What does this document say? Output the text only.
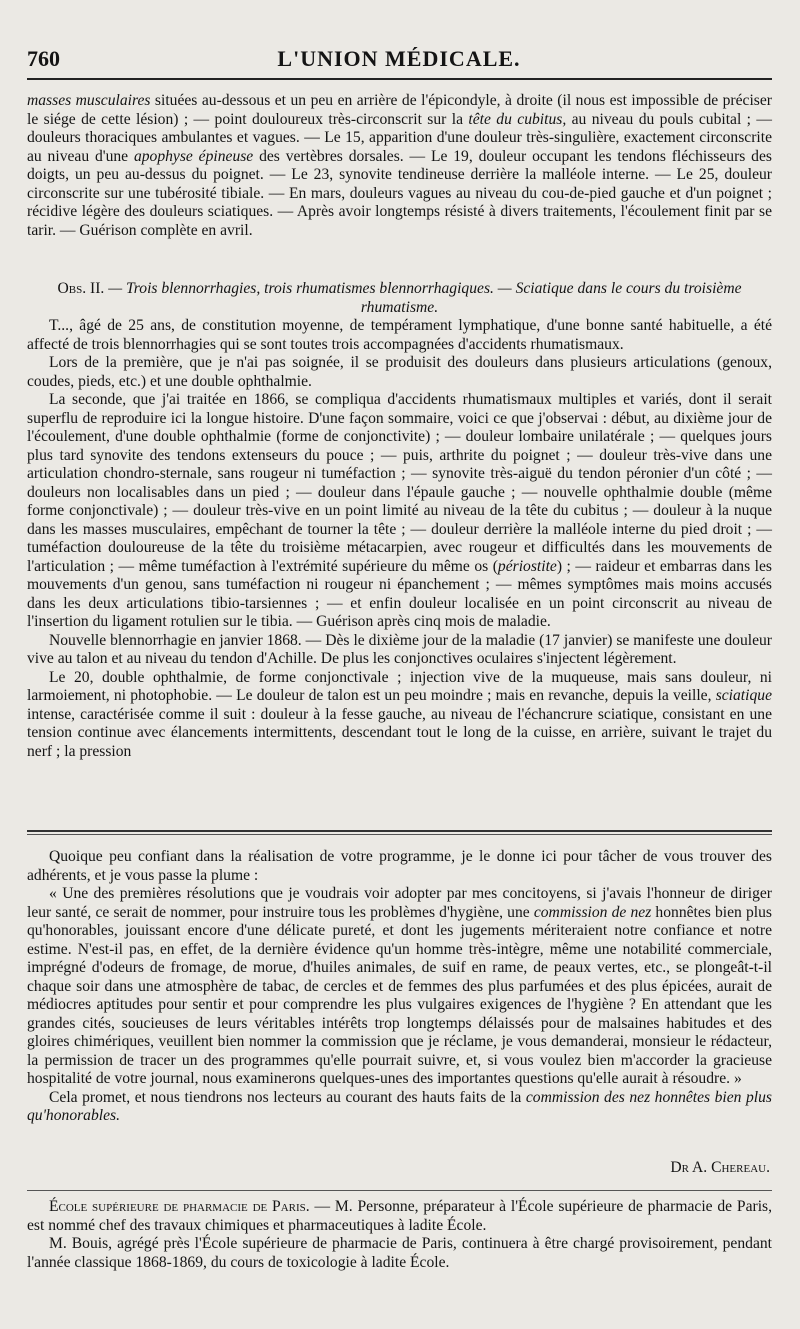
760	L'UNION MÉDICALE.

masses musculaires situées au-dessous et un peu en arrière de l'épicondyle, à droite (il nous est impossible de préciser le siége de cette lésion) ; — point douloureux très-circonscrit sur la tête du cubitus, au niveau du pouls cubital ; — douleurs thoraciques ambulantes et vagues. — Le 15, apparition d'une douleur très-singulière, exactement circonscrite au niveau d'une apophyse épineuse des vertèbres dorsales. — Le 19, douleur occupant les tendons fléchisseurs des doigts, un peu au-dessus du poignet. — Le 23, synovite tendineuse derrière la malléole interne. — Le 25, douleur circonscrite sur une tubérosité tibiale. — En mars, douleurs vagues au niveau du cou-de-pied gauche et d'un poignet ; récidive légère des douleurs sciatiques. — Après avoir longtemps résisté à divers traitements, l'écoulement finit par se tarir. — Guérison complète en avril.

Obs. II. — Trois blennorrhagies, trois rhumatismes blennorrhagiques. — Sciatique dans le cours du troisième rhumatisme.

T..., âgé de 25 ans, de constitution moyenne, de tempérament lymphatique, d'une bonne santé habituelle, a été affecté de trois blennorrhagies qui se sont toutes trois accompagnées d'accidents rhumatismaux.

Lors de la première, que je n'ai pas soignée, il se produisit des douleurs dans plusieurs articulations (genoux, coudes, pieds, etc.) et une double ophthalmie.

La seconde, que j'ai traitée en 1866, se compliqua d'accidents rhumatismaux multiples et variés, dont il serait superflu de reproduire ici la longue histoire. D'une façon sommaire, voici ce que j'observai : début, au dixième jour de l'écoulement, d'une double ophthalmie (forme de conjonctivite) ; — douleur lombaire unilatérale ; — quelques jours plus tard synovite des tendons extenseurs du pouce ; — puis, arthrite du poignet ; — douleur très-vive dans une articulation chondro-sternale, sans rougeur ni tuméfaction ; — synovite très-aiguë du tendon péronier d'un côté ; — douleurs non localisables dans un pied ; — douleur dans l'épaule gauche ; — nouvelle ophthalmie double (même forme conjonctivale) ; — douleur très-vive en un point limité au niveau de la tête du cubitus ; — douleur à la nuque dans les masses musculaires, empêchant de tourner la tête ; — douleur derrière la malléole interne du pied droit ; — tuméfaction douloureuse de la tête du troisième métacarpien, avec rougeur et difficultés dans les mouvements de l'articulation ; — même tuméfaction à l'extrémité supérieure du même os (périostite) ; — raideur et embarras dans les mouvements d'un genou, sans tuméfaction ni rougeur ni épanchement ; — mêmes symptômes mais moins accusés dans les deux articulations tibio-tarsiennes ; — et enfin douleur localisée en un point circonscrit au niveau de l'insertion du ligament rotulien sur le tibia. — Guérison après cinq mois de maladie.

Nouvelle blennorrhagie en janvier 1868. — Dès le dixième jour de la maladie (17 janvier) se manifeste une douleur vive au talon et au niveau du tendon d'Achille. De plus les conjonctives oculaires s'injectent légèrement.

Le 20, double ophthalmie, de forme conjonctivale ; injection vive de la muqueuse, mais sans douleur, ni larmoiement, ni photophobie. — Le douleur de talon est un peu moindre ; mais en revanche, depuis la veille, sciatique intense, caractérisée comme il suit : douleur à la fesse gauche, au niveau de l'échancrure sciatique, consistant en une tension continue avec élancements intermittents, descendant tout le long de la cuisse, en arrière, suivant le trajet du nerf ; la pression

Quoique peu confiant dans la réalisation de votre programme, je le donne ici pour tâcher de vous trouver des adhérents, et je vous passe la plume :

« Une des premières résolutions que je voudrais voir adopter par mes concitoyens, si j'avais l'honneur de diriger leur santé, ce serait de nommer, pour instruire tous les problèmes d'hygiène, une commission de nez honnêtes bien plus qu'honorables, jouissant encore d'une délicate pureté, et dont les jugements mériteraient notre confiance et notre estime. N'est-il pas, en effet, de la dernière évidence qu'un homme très-intègre, même une notabilité commerciale, imprégné d'odeurs de fromage, de morue, d'huiles animales, de suif en rame, de peaux vertes, etc., se plongeât-t-il chaque soir dans une atmosphère de tabac, de cercles et de femmes des plus parfumées et des plus épicées, aurait de médiocres aptitudes pour sentir et pour comprendre les plus vulgaires exigences de l'hygiène ? En attendant que les grandes cités, soucieuses de leurs véritables intérêts trop longtemps délaissés pour de malsaines habitudes et des gloires chimériques, veuillent bien nommer la commission que je réclame, je vous demanderai, monsieur le rédacteur, la permission de tracer un des programmes qu'elle pourrait suivre, et, si vous voulez bien m'accorder la gracieuse hospitalité de votre journal, nous examinerons quelques-unes des importantes questions qu'elle aurait à résoudre. »

Cela promet, et nous tiendrons nos lecteurs au courant des hauts faits de la commission des nez honnêtes bien plus qu'honorables.

Dr A. Chereau.

École supérieure de pharmacie de Paris. — M. Personne, préparateur à l'École supérieure de pharmacie de Paris, est nommé chef des travaux chimiques et pharmaceutiques à ladite École.

M. Bouis, agrégé près l'École supérieure de pharmacie de Paris, continuera à être chargé provisoirement, pendant l'année classique 1868-1869, du cours de toxicologie à ladite École.
